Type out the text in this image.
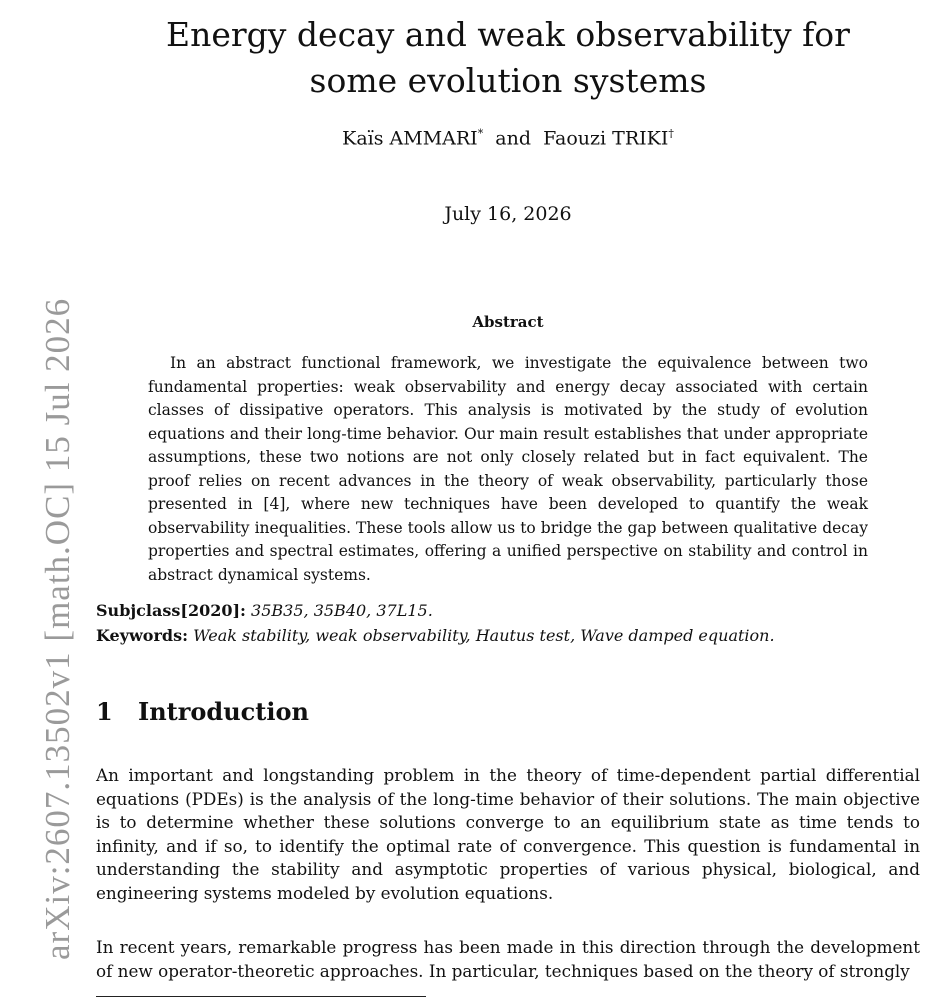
arXiv:2607.13502v1 [math.OC] 15 Jul 2026
Energy decay and weak observability for some evolution systems
Kaïs AMMARI* and Faouzi TRIKI†
July 16, 2026
Abstract

In an abstract functional framework, we investigate the equivalence between two fundamental properties: weak observability and energy decay associated with certain classes of dissipative operators. This analysis is motivated by the study of evolution equations and their long-time behavior. Our main result establishes that under appropriate assumptions, these two notions are not only closely related but in fact equivalent. The proof relies on recent advances in the theory of weak observability, particularly those presented in [4], where new techniques have been developed to quantify the weak observability inequalities. These tools allow us to bridge the gap between qualitative decay properties and spectral estimates, offering a unified perspective on stability and control in abstract dynamical systems.

Subjclass[2020]: 35B35, 35B40, 37L15.
Keywords: Weak stability, weak observability, Hautus test, Wave damped equation.
1 Introduction

An important and longstanding problem in the theory of time-dependent partial differential equations (PDEs) is the analysis of the long-time behavior of their solutions. The main objective is to determine whether these solutions converge to an equilibrium state as time tends to infinity, and if so, to identify the optimal rate of convergence. This question is fundamental in understanding the stability and asymptotic properties of various physical, biological, and engineering systems modeled by evolution equations.

In recent years, remarkable progress has been made in this direction through the development of new operator-theoretic approaches. In particular, techniques based on the theory of strongly
